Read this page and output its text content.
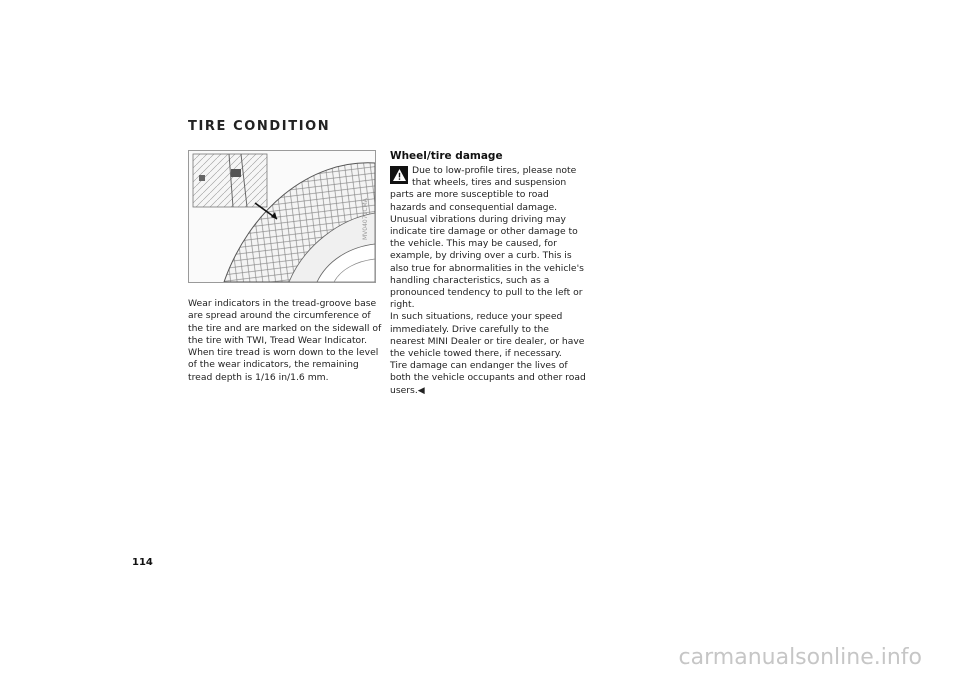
TIRE CONDITION
MV04071CMA

Wear indicators in the tread-groove base are spread around the circumference of the tire and are marked on the sidewall of the tire with TWI, Tread Wear Indicator. When tire tread is worn down to the level of the wear indicators, the remaining tread depth is 1/16 in/1.6 mm.

Wheel/tire damage

Due to low-profile tires, please note that wheels, tires and suspension parts are more susceptible to road hazards and consequential damage.

Unusual vibrations during driving may indicate tire damage or other damage to the vehicle. This may be caused, for example, by driving over a curb. This is also true for abnormalities in the vehicle's handling characteristics, such as a pronounced tendency to pull to the left or right.

In such situations, reduce your speed immediately. Drive carefully to the nearest MINI Dealer or tire dealer, or have the vehicle towed there, if necessary.

Tire damage can endanger the lives of both the vehicle occupants and other road users.◀

114
carmanualsonline.info
